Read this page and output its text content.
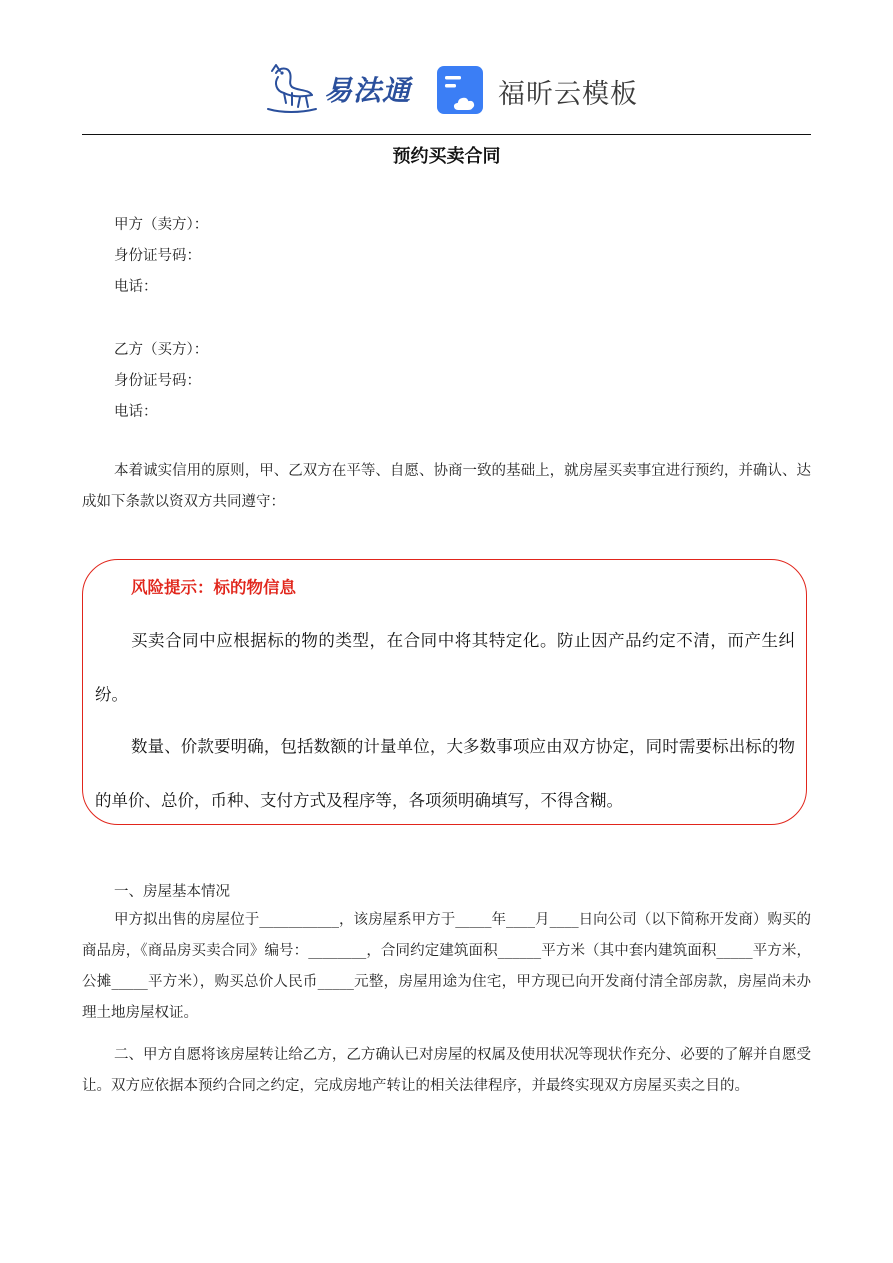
易法通	福昕云模板
预约买卖合同
甲方（卖方）：
身份证号码：
电话：
乙方（买方）：
身份证号码：
电话：

本着诚实信用的原则，甲、乙双方在平等、自愿、协商一致的基础上，就房屋买卖事宜进行预约，并确认、达成如下条款以资双方共同遵守：

风险提示：标的物信息

买卖合同中应根据标的物的类型，在合同中将其特定化。防止因产品约定不清，而产生纠纷。

数量、价款要明确，包括数额的计量单位，大多数事项应由双方协定，同时需要标出标的物的单价、总价，币种、支付方式及程序等，各项须明确填写，不得含糊。

一、房屋基本情况

甲方拟出售的房屋位于___________，该房屋系甲方于_____年____月____日向公司（以下简称开发商）购买的商品房，《商品房买卖合同》编号：________，合同约定建筑面积______平方米（其中套内建筑面积_____平方米，公摊_____平方米），购买总价人民币_____元整，房屋用途为住宅，甲方现已向开发商付清全部房款，房屋尚未办理土地房屋权证。

二、甲方自愿将该房屋转让给乙方，乙方确认已对房屋的权属及使用状况等现状作充分、必要的了解并自愿受让。双方应依据本预约合同之约定，完成房地产转让的相关法律程序，并最终实现双方房屋买卖之目的。
